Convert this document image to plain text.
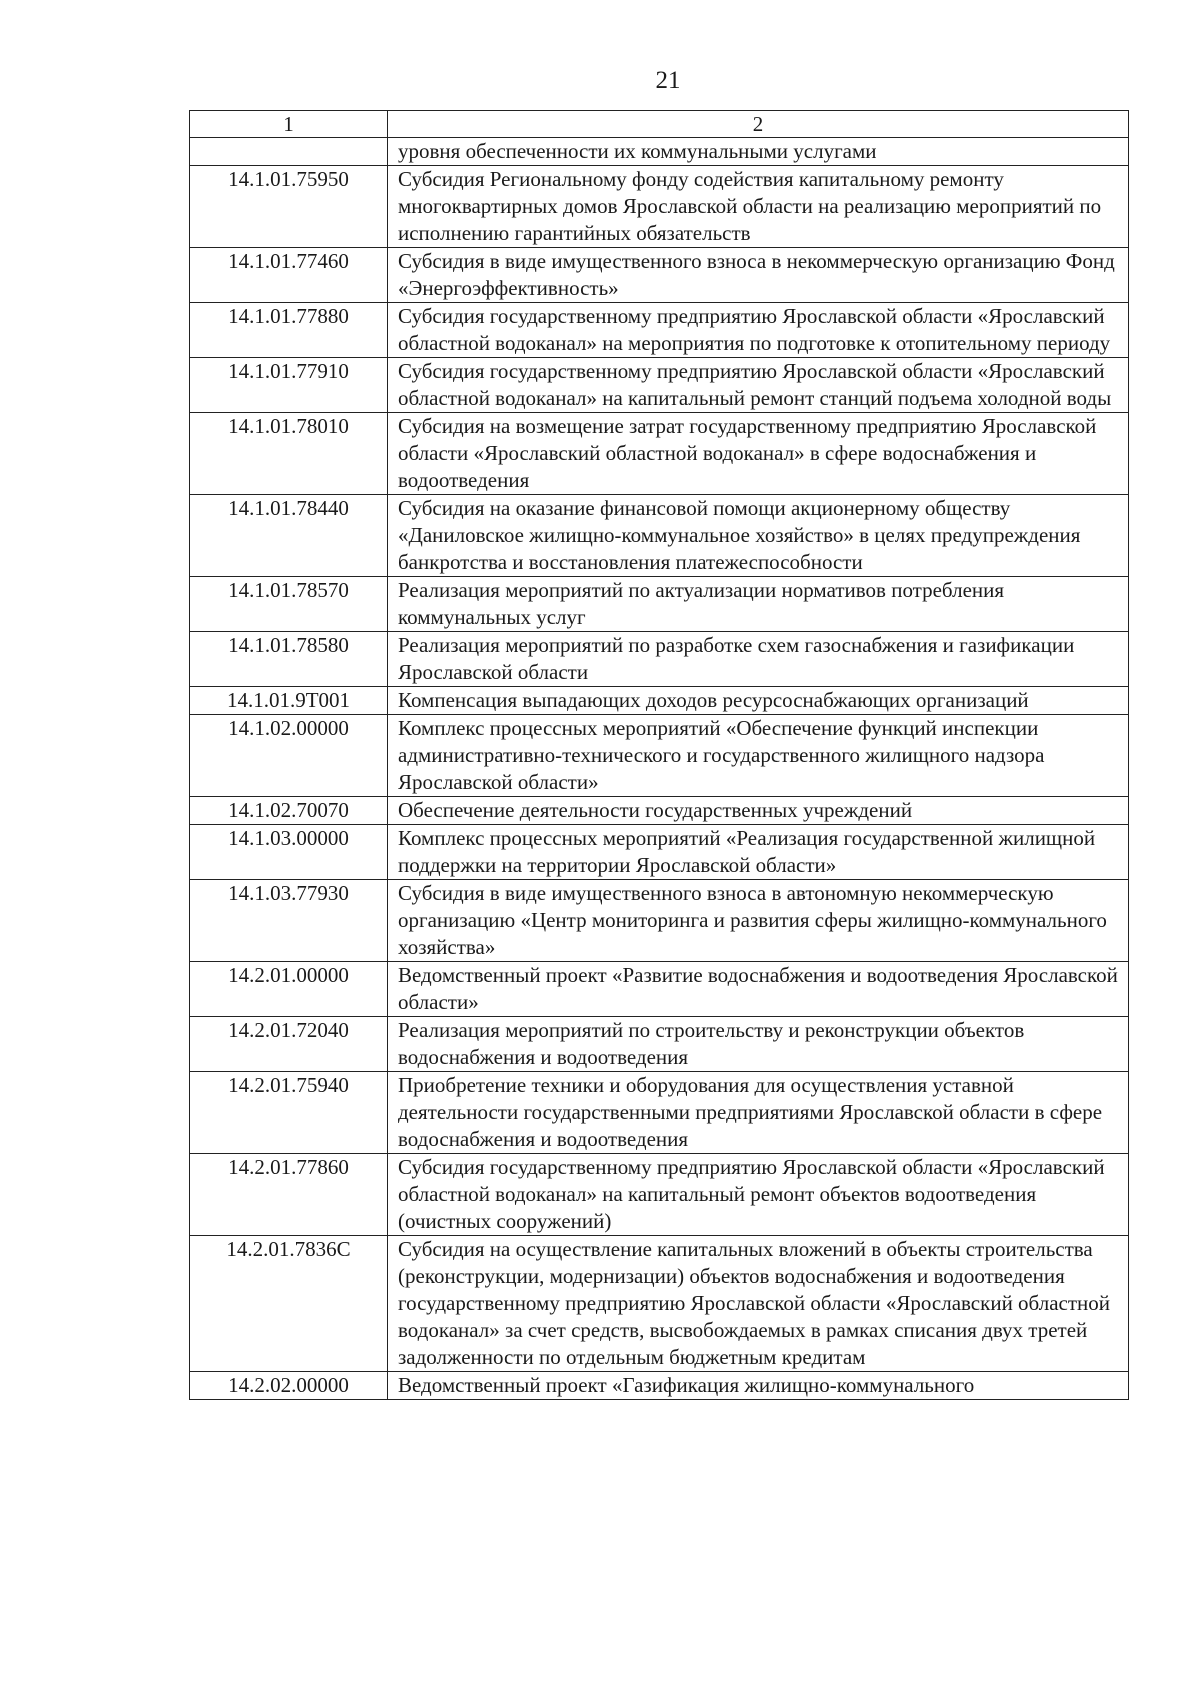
21
1	2
	уровня обеспеченности их коммунальными услугами
14.1.01.75950	Субсидия Региональному фонду содействия капитальному ремонту многоквартирных домов Ярославской области на реализацию мероприятий по исполнению гарантийных обязательств
14.1.01.77460	Субсидия в виде имущественного взноса в некоммерческую организацию Фонд «Энергоэффективность»
14.1.01.77880	Субсидия государственному предприятию Ярославской области «Ярославский областной водоканал» на мероприятия по подготовке к отопительному периоду
14.1.01.77910	Субсидия государственному предприятию Ярославской области «Ярославский областной водоканал» на капитальный ремонт станций подъема холодной воды
14.1.01.78010	Субсидия на возмещение затрат государственному предприятию Ярославской области «Ярославский областной водоканал» в сфере водоснабжения и водоотведения
14.1.01.78440	Субсидия на оказание финансовой помощи акционерному обществу «Даниловское жилищно-коммунальное хозяйство» в целях предупреждения банкротства и восстановления платежеспособности
14.1.01.78570	Реализация мероприятий по актуализации нормативов потребления коммунальных услуг
14.1.01.78580	Реализация мероприятий по разработке схем газоснабжения и газификации Ярославской области
14.1.01.9Т001	Компенсация выпадающих доходов ресурсоснабжающих организаций
14.1.02.00000	Комплекс процессных мероприятий «Обеспечение функций инспекции административно-технического и государственного жилищного надзора Ярославской области»
14.1.02.70070	Обеспечение деятельности государственных учреждений
14.1.03.00000	Комплекс процессных мероприятий «Реализация государственной жилищной поддержки на территории Ярославской области»
14.1.03.77930	Субсидия в виде имущественного взноса в автономную некоммерческую организацию «Центр мониторинга и развития сферы жилищно-коммунального хозяйства»
14.2.01.00000	Ведомственный проект «Развитие водоснабжения и водоотведения Ярославской области»
14.2.01.72040	Реализация мероприятий по строительству и реконструкции объектов водоснабжения и водоотведения
14.2.01.75940	Приобретение техники и оборудования для осуществления уставной деятельности государственными предприятиями Ярославской области в сфере водоснабжения и водоотведения
14.2.01.77860	Субсидия государственному предприятию Ярославской области «Ярославский областной водоканал» на капитальный ремонт объектов водоотведения (очистных сооружений)
14.2.01.7836С	Субсидия на осуществление капитальных вложений в объекты строительства (реконструкции, модернизации) объектов водоснабжения и водоотведения государственному предприятию Ярославской области «Ярославский областной водоканал» за счет средств, высвобождаемых в рамках списания двух третей задолженности по отдельным бюджетным кредитам
14.2.02.00000	Ведомственный проект «Газификация жилищно-коммунального
